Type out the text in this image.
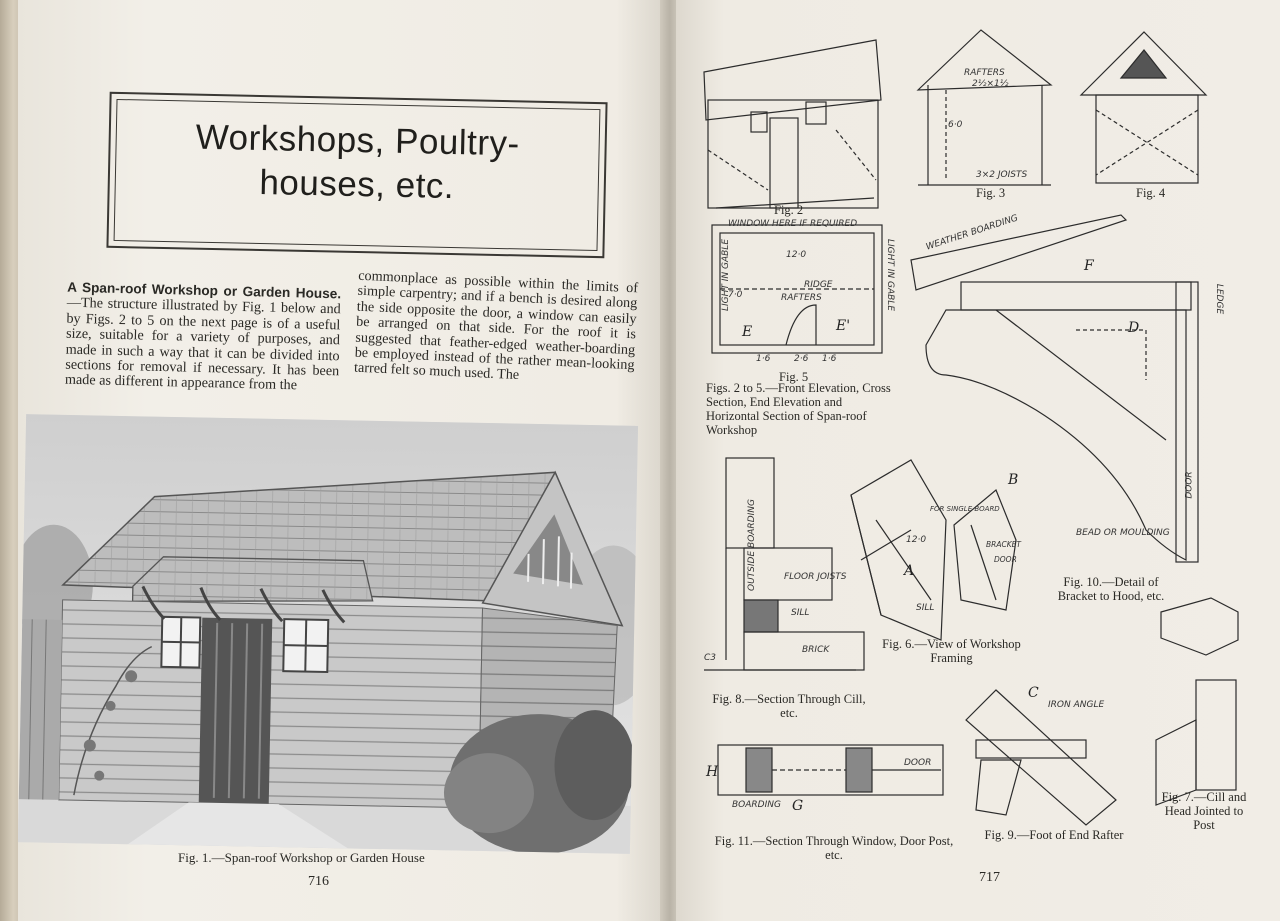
Workshops, Poultry-
houses, etc.
A Span-roof Workshop or Garden House.—The structure illustrated by Fig. 1 below and by Figs. 2 to 5 on the next page is of a useful size, suitable for a variety of purposes, and made in such a way that it can be divided into sections for removal if necessary. It has been made as different in appearance from the
commonplace as possible within the limits of simple carpentry; and if a bench is desired along the side opposite the door, a window can easily be arranged on that side. For the roof it is suggested that feather-edged weather-boarding be employed instead of the rather mean-looking tarred felt so much used. The
Fig. 1.—Span-roof Workshop or Garden House
716
Fig. 2
Fig. 3	Fig. 4
Fig. 5
Figs. 2 to 5.—Front Elevation, Cross Section, End Elevation and Horizontal Section of Span-roof Workshop
Fig. 6.—View of Workshop Framing
Fig. 7.—Cill and Head Jointed to Post
Fig. 8.—Section Through Cill, etc.
Fig. 9.—Foot of End Rafter
Fig. 10.—Detail of Bracket to Hood, etc.
Fig. 11.—Section Through Window, Door Post, etc.
RAFTERS
2½×1½
3×2 JOISTS
6·0
WINDOW HERE IF REQUIRED
LIGHT IN GABLE	LIGHT IN GABLE
RIDGE
RAFTERS
12·0
7·0
2·6
1·6	1·6
WEATHER BOARDING
LEDGE
DOOR
BEAD OR MOULDING
FOR SINGLE BOARD
12·0	BRACKET
DOOR
OUTSIDE BOARDING	FLOOR JOISTS
SILL
BRICK
C3
SILL
IRON ANGLE
BOARDING
DOOR
E	E'
F
D
A
B
C
G
H
717
